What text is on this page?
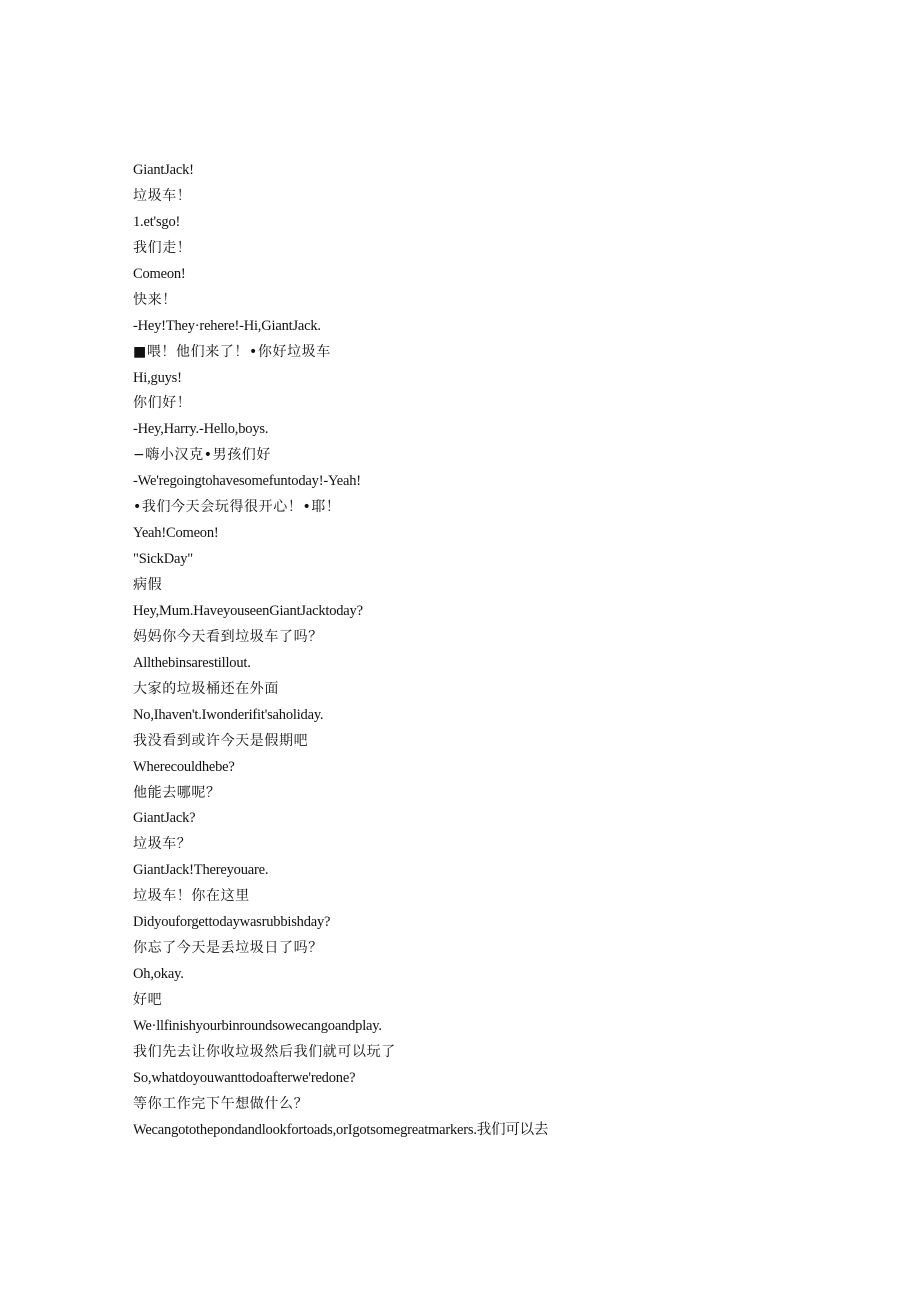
GiantJack!
垃圾车！
1.et'sgo!
我们走！
Comeon!
快来！
-Hey!They·rehere!-Hi,GiantJack.
■喂！他们来了！•你好垃圾车
Hi,guys!
你们好！
-Hey,Harry.-Hello,boys.
−嗨小汉克•男孩们好
-We'regoingtohavesomefuntoday!-Yeah!
•我们今天会玩得很开心！•耶！
Yeah!Comeon!
"SickDay"
病假
Hey,Mum.HaveyouseenGiantJacktoday?
妈妈你今天看到垃圾车了吗？
Allthebinsarestillout.
大家的垃圾桶还在外面
No,Ihaven't.Iwonderifit'saholiday.
我没看到或许今天是假期吧
Wherecouldhebe?
他能去哪呢？
GiantJack?
垃圾车？
GiantJack!Thereyouare.
垃圾车！你在这里
Didyouforgettodaywasrubbishday?
你忘了今天是丢垃圾日了吗？
Oh,okay.
好吧
We·llfinishyourbinroundsowecangoandplay.
我们先去让你收垃圾然后我们就可以玩了
So,whatdoyouwanttodoafterwe'redone?
等你工作完下午想做什么？
Wecangotothepondandlookfortoads,orIgotsomegreatmarkers.我们可以去
